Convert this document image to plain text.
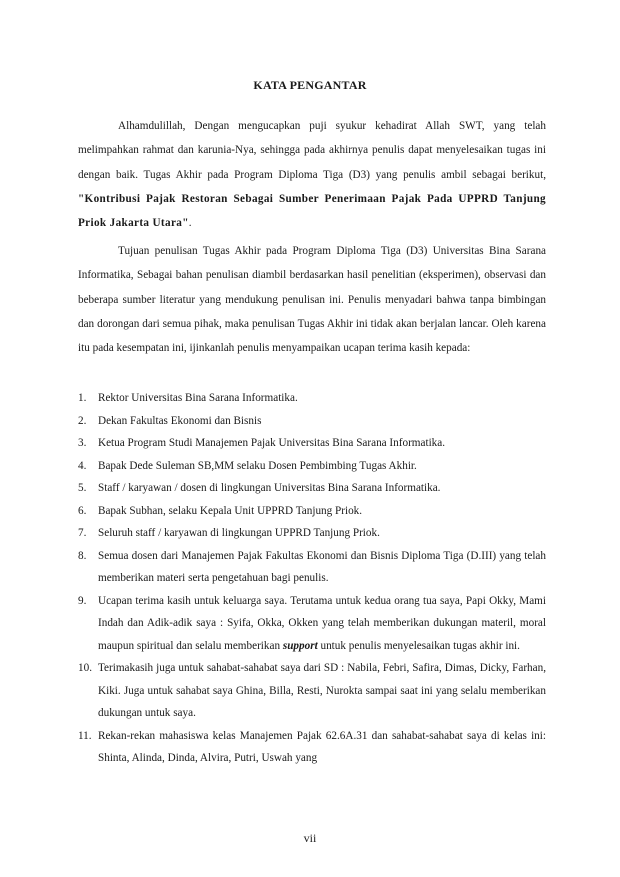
KATA PENGANTAR

Alhamdulillah, Dengan mengucapkan puji syukur kehadirat Allah SWT, yang telah melimpahkan rahmat dan karunia-Nya, sehingga pada akhirnya penulis dapat menyelesaikan tugas ini dengan baik. Tugas Akhir pada Program Diploma Tiga (D3) yang penulis ambil sebagai berikut, "Kontribusi Pajak Restoran Sebagai Sumber Penerimaan Pajak Pada UPPRD Tanjung Priok Jakarta Utara".

Tujuan penulisan Tugas Akhir pada Program Diploma Tiga (D3) Universitas Bina Sarana Informatika, Sebagai bahan penulisan diambil berdasarkan hasil penelitian (eksperimen), observasi dan beberapa sumber literatur yang mendukung penulisan ini. Penulis menyadari bahwa tanpa bimbingan dan dorongan dari semua pihak, maka penulisan Tugas Akhir ini tidak akan berjalan lancar. Oleh karena itu pada kesempatan ini, ijinkanlah penulis menyampaikan ucapan terima kasih kepada:

1.	Rektor Universitas Bina Sarana Informatika.
2.	Dekan Fakultas Ekonomi dan Bisnis
3.	Ketua Program Studi Manajemen Pajak Universitas Bina Sarana Informatika.
4.	Bapak Dede Suleman SB,MM selaku Dosen Pembimbing Tugas Akhir.
5.	Staff / karyawan / dosen di lingkungan Universitas Bina Sarana Informatika.
6.	Bapak Subhan, selaku Kepala Unit UPPRD Tanjung Priok.
7.	Seluruh staff / karyawan di lingkungan UPPRD Tanjung Priok.
8.	Semua dosen dari Manajemen Pajak Fakultas Ekonomi dan Bisnis Diploma Tiga (D.III) yang telah memberikan materi serta pengetahuan bagi penulis.
9.	Ucapan terima kasih untuk keluarga saya. Terutama untuk kedua orang tua saya, Papi Okky, Mami Indah dan Adik-adik saya : Syifa, Okka, Okken yang telah memberikan dukungan materil, moral maupun spiritual dan selalu memberikan support untuk penulis menyelesaikan tugas akhir ini.
10. Terimakasih juga untuk sahabat-sahabat saya dari SD : Nabila, Febri, Safira, Dimas, Dicky, Farhan, Kiki. Juga untuk sahabat saya Ghina, Billa, Resti, Nurokta sampai saat ini yang selalu memberikan dukungan untuk saya.
11. Rekan-rekan mahasiswa kelas Manajemen Pajak 62.6A.31 dan sahabat-sahabat saya di kelas ini: Shinta, Alinda, Dinda, Alvira, Putri, Uswah yang
vii
